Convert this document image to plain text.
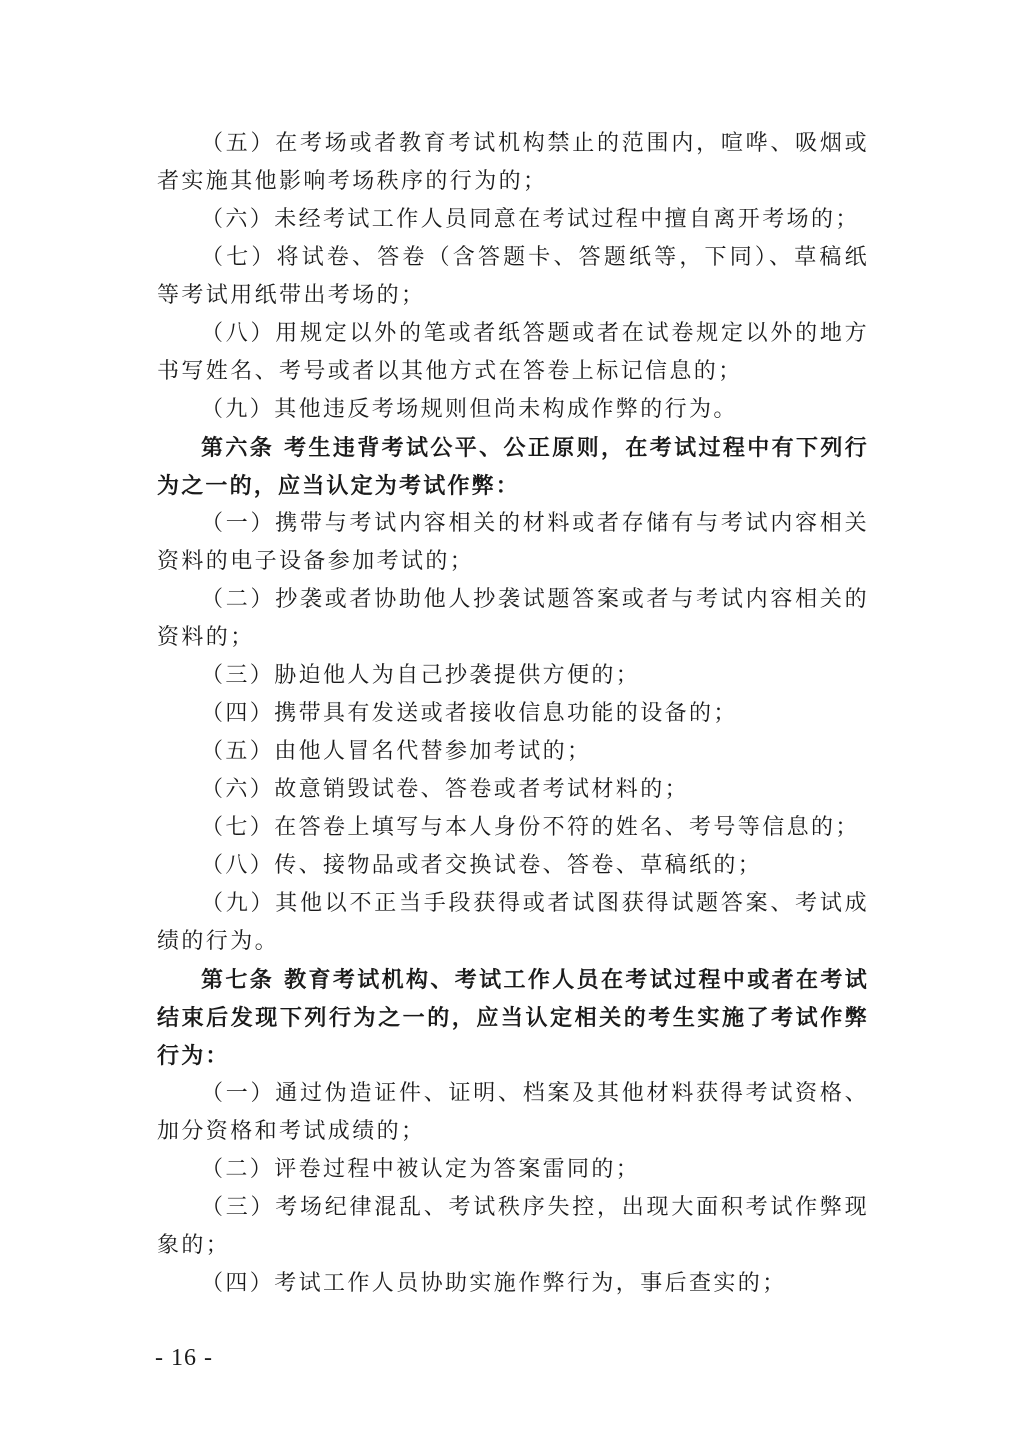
（五）在考场或者教育考试机构禁止的范围内，喧哗、吸烟或者实施其他影响考场秩序的行为的；

（六）未经考试工作人员同意在考试过程中擅自离开考场的；

（七）将试卷、答卷（含答题卡、答题纸等，下同）、草稿纸等考试用纸带出考场的；

（八）用规定以外的笔或者纸答题或者在试卷规定以外的地方书写姓名、考号或者以其他方式在答卷上标记信息的；

（九）其他违反考场规则但尚未构成作弊的行为。

第六条 考生违背考试公平、公正原则，在考试过程中有下列行为之一的，应当认定为考试作弊：

（一）携带与考试内容相关的材料或者存储有与考试内容相关资料的电子设备参加考试的；

（二）抄袭或者协助他人抄袭试题答案或者与考试内容相关的资料的；

（三）胁迫他人为自己抄袭提供方便的；

（四）携带具有发送或者接收信息功能的设备的；

（五）由他人冒名代替参加考试的；

（六）故意销毁试卷、答卷或者考试材料的；

（七）在答卷上填写与本人身份不符的姓名、考号等信息的；

（八）传、接物品或者交换试卷、答卷、草稿纸的；

（九）其他以不正当手段获得或者试图获得试题答案、考试成绩的行为。

第七条 教育考试机构、考试工作人员在考试过程中或者在考试结束后发现下列行为之一的，应当认定相关的考生实施了考试作弊行为：

（一）通过伪造证件、证明、档案及其他材料获得考试资格、加分资格和考试成绩的；

（二）评卷过程中被认定为答案雷同的；

（三）考场纪律混乱、考试秩序失控，出现大面积考试作弊现象的；

（四）考试工作人员协助实施作弊行为，事后查实的；

- 16 -
